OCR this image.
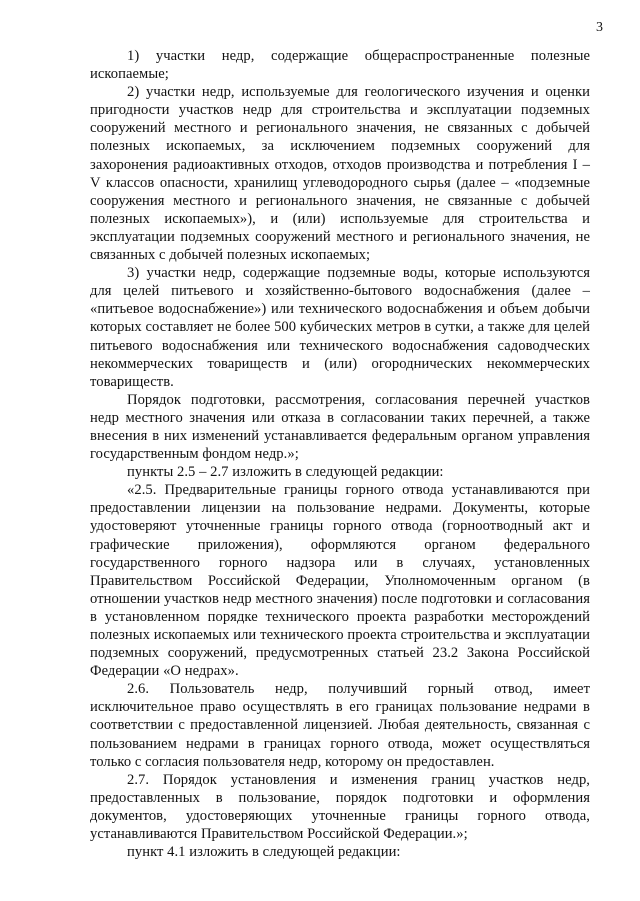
3

1) участки недр, содержащие общераспространенные полезные ископаемые;

2) участки недр, используемые для геологического изучения и оценки пригодности участков недр для строительства и эксплуатации подземных сооружений местного и регионального значения, не связанных с добычей полезных ископаемых, за исключением подземных сооружений для захоронения радиоактивных отходов, отходов производства и потребления I – V классов опасности, хранилищ углеводородного сырья (далее – «подземные сооружения местного и регионального значения, не связанные с добычей полезных ископаемых»), и (или) используемые для строительства и эксплуатации подземных сооружений местного и регионального значения, не связанных с добычей полезных ископаемых;

3) участки недр, содержащие подземные воды, которые используются для целей питьевого и хозяйственно-бытового водоснабжения (далее – «питьевое водоснабжение») или технического водоснабжения и объем добычи которых составляет не более 500 кубических метров в сутки, а также для целей питьевого водоснабжения или технического водоснабжения садоводческих некоммерческих товариществ и (или) огороднических некоммерческих товариществ.

Порядок подготовки, рассмотрения, согласования перечней участков недр местного значения или отказа в согласовании таких перечней, а также внесения в них изменений устанавливается федеральным органом управления государственным фондом недр.»;

пункты 2.5 – 2.7 изложить в следующей редакции:

«2.5. Предварительные границы горного отвода устанавливаются при предоставлении лицензии на пользование недрами. Документы, которые удостоверяют уточненные границы горного отвода (горноотводный акт и графические приложения), оформляются органом федерального государственного горного надзора или в случаях, установленных Правительством Российской Федерации, Уполномоченным органом (в отношении участков недр местного значения) после подготовки и согласования в установленном порядке технического проекта разработки месторождений полезных ископаемых или технического проекта строительства и эксплуатации подземных сооружений, предусмотренных статьей 23.2 Закона Российской Федерации «О недрах».

2.6. Пользователь недр, получивший горный отвод, имеет исключительное право осуществлять в его границах пользование недрами в соответствии с предоставленной лицензией. Любая деятельность, связанная с пользованием недрами в границах горного отвода, может осуществляться только с согласия пользователя недр, которому он предоставлен.

2.7. Порядок установления и изменения границ участков недр, предоставленных в пользование, порядок подготовки и оформления документов, удостоверяющих уточненные границы горного отвода, устанавливаются Правительством Российской Федерации.»;

пункт 4.1 изложить в следующей редакции:
